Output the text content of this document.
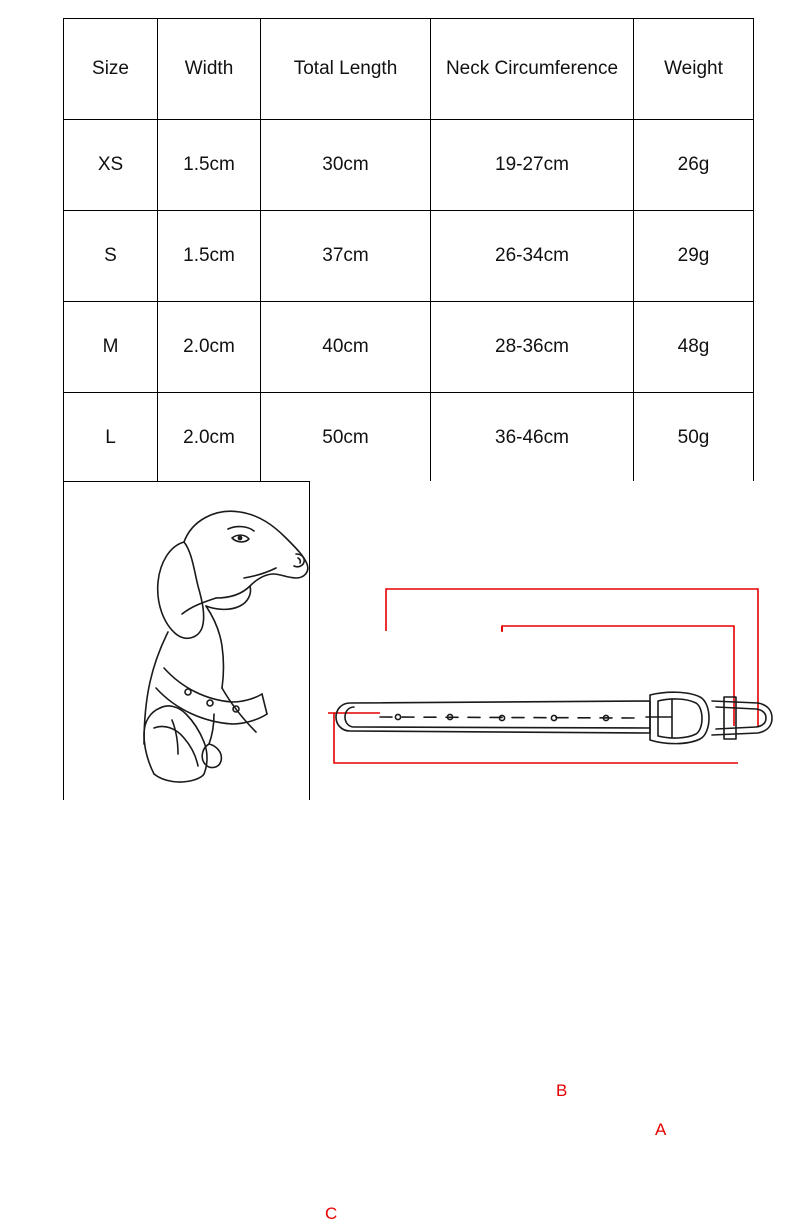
Size	Width	Total Length	Neck Circumference	Weight
XS	1.5cm	30cm	19-27cm	26g
S	1.5cm	37cm	26-34cm	29g
M	2.0cm	40cm	28-36cm	48g
L	2.0cm	50cm	36-46cm	50g
B
A
C
